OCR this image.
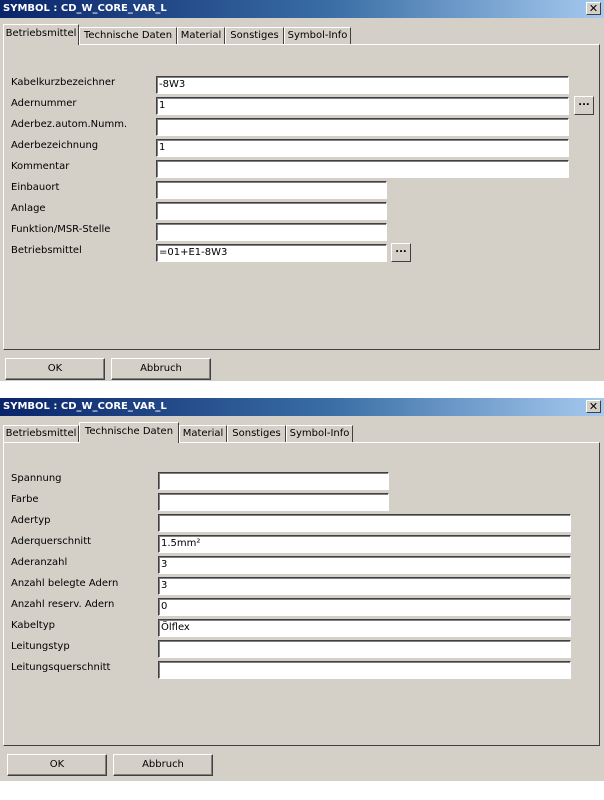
SYMBOL : CD_W_CORE_VAR_L	✕
Betriebsmittel Technische Daten Material Sonstiges Symbol-Info
Kabelkurzbezeichner	-8W3
Adernummer	1	...
Aderbez.autom.Numm.
Aderbezeichnung	1
Kommentar
Einbauort
Anlage
Funktion/MSR-Stelle
Betriebsmittel	=01+E1-8W3	...
OK	Abbruch
SYMBOL : CD_W_CORE_VAR_L	✕
Betriebsmittel Technische Daten Material Sonstiges Symbol-Info
Spannung
Farbe
Adertyp
Aderquerschnitt	1.5mm²
Aderanzahl	3
Anzahl belegte Adern	3
Anzahl reserv. Adern	0
Kabeltyp	Ölflex
Leitungstyp
Leitungsquerschnitt
OK	Abbruch
